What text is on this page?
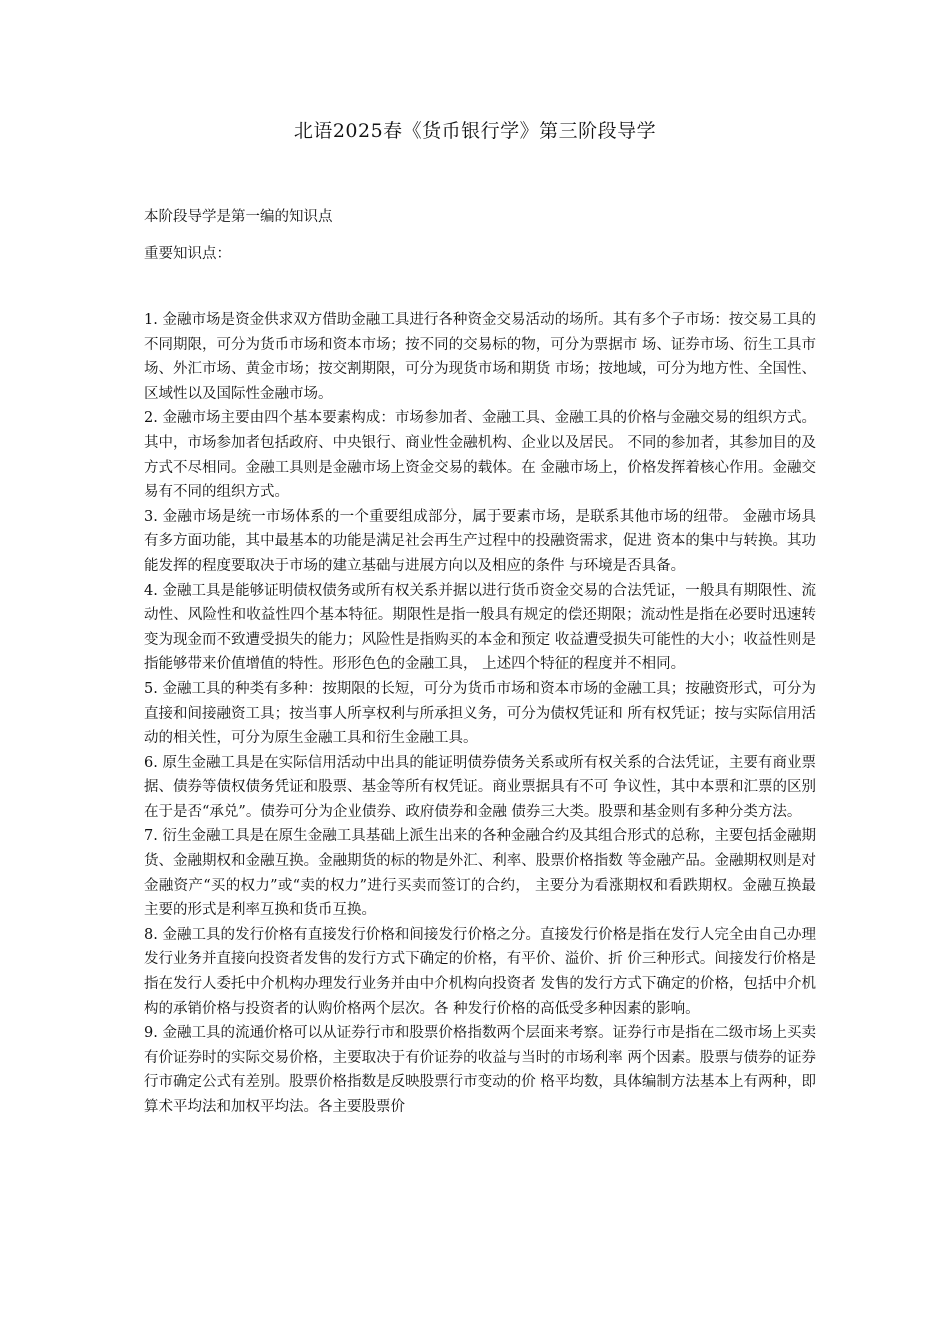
北语2025春《货币银行学》第三阶段导学
本阶段导学是第一编的知识点
重要知识点：

1. 金融市场是资金供求双方借助金融工具进行各种资金交易活动的场所。其有多个子市场：按交易工具的不同期限，可分为货币市场和资本市场；按不同的交易标的物，可分为票据市 场、证券市场、衍生工具市场、外汇市场、黄金市场；按交割期限，可分为现货市场和期货 市场；按地域，可分为地方性、全国性、区域性以及国际性金融市场。

2. 金融市场主要由四个基本要素构成：市场参加者、金融工具、金融工具的价格与金融交易的组织方式。其中，市场参加者包括政府、中央银行、商业性金融机构、企业以及居民。 不同的参加者，其参加目的及方式不尽相同。金融工具则是金融市场上资金交易的载体。在 金融市场上，价格发挥着核心作用。金融交易有不同的组织方式。

3. 金融市场是统一市场体系的一个重要组成部分，属于要素市场，是联系其他市场的纽带。 金融市场具有多方面功能，其中最基本的功能是满足社会再生产过程中的投融资需求，促进 资本的集中与转换。其功能发挥的程度要取决于市场的建立基础与进展方向以及相应的条件 与环境是否具备。

4. 金融工具是能够证明债权债务或所有权关系并据以进行货币资金交易的合法凭证，一般具有期限性、流动性、风险性和收益性四个基本特征。期限性是指一般具有规定的偿还期限；流动性是指在必要时迅速转变为现金而不致遭受损失的能力；风险性是指购买的本金和预定 收益遭受损失可能性的大小；收益性则是指能够带来价值增值的特性。形形色色的金融工具， 上述四个特征的程度并不相同。

5. 金融工具的种类有多种：按期限的长短，可分为货币市场和资本市场的金融工具；按融资形式，可分为直接和间接融资工具；按当事人所享权利与所承担义务，可分为债权凭证和 所有权凭证；按与实际信用活动的相关性，可分为原生金融工具和衍生金融工具。

6. 原生金融工具是在实际信用活动中出具的能证明债券债务关系或所有权关系的合法凭证，主要有商业票据、债券等债权债务凭证和股票、基金等所有权凭证。商业票据具有不可 争议性，其中本票和汇票的区别在于是否“承兑”。债券可分为企业债券、政府债券和金融 债券三大类。股票和基金则有多种分类方法。

7. 衍生金融工具是在原生金融工具基础上派生出来的各种金融合约及其组合形式的总称，主要包括金融期货、金融期权和金融互换。金融期货的标的物是外汇、利率、股票价格指数 等金融产品。金融期权则是对金融资产“买的权力”或“卖的权力”进行买卖而签订的合约， 主要分为看涨期权和看跌期权。金融互换最主要的形式是利率互换和货币互换。

8. 金融工具的发行价格有直接发行价格和间接发行价格之分。直接发行价格是指在发行人完全由自己办理发行业务并直接向投资者发售的发行方式下确定的价格，有平价、溢价、折 价三种形式。间接发行价格是指在发行人委托中介机构办理发行业务并由中介机构向投资者 发售的发行方式下确定的价格，包括中介机构的承销价格与投资者的认购价格两个层次。各 种发行价格的高低受多种因素的影响。

9. 金融工具的流通价格可以从证券行市和股票价格指数两个层面来考察。证券行市是指在二级市场上买卖有价证券时的实际交易价格，主要取决于有价证券的收益与当时的市场利率 两个因素。股票与债券的证券行市确定公式有差别。股票价格指数是反映股票行市变动的价 格平均数，具体编制方法基本上有两种，即算术平均法和加权平均法。各主要股票价
